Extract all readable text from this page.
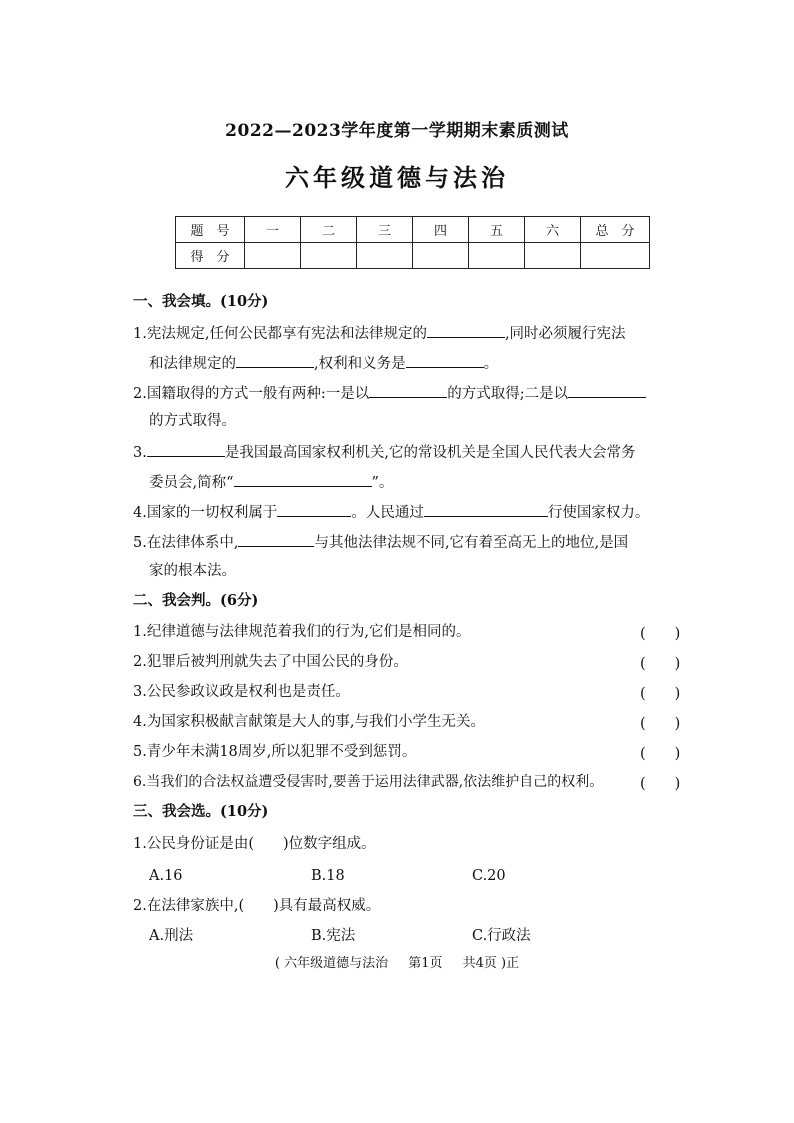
2022—2023学年度第一学期期末素质测试
六年级道德与法治
题　号	一	二	三	四	五	六	总　分
得　分							
一、我会填。(10分)
1.宪法规定,任何公民都享有宪法和法律规定的	,同时必须履行宪法
和法律规定的	,权利和义务是	。
2.国籍取得的方式一般有两种:一是以	的方式取得;二是以
的方式取得。
3.	是我国最高国家权利机关,它的常设机关是全国人民代表大会常务
委员会,简称“	”。
4.国家的一切权利属于	。人民通过	行使国家权力。
5.在法律体系中,	与其他法律法规不同,它有着至高无上的地位,是国
家的根本法。
二、我会判。(6分)
1.纪律道德与法律规范着我们的行为,它们是相同的。	(　　)
2.犯罪后被判刑就失去了中国公民的身份。	(　　)
3.公民参政议政是权利也是责任。	(　　)
4.为国家积极献言献策是大人的事,与我们小学生无关。	(　　)
5.青少年未满18周岁,所以犯罪不受到惩罚。	(　　)
6.当我们的合法权益遭受侵害时,要善于运用法律武器,依法维护自己的权利。	(　　)
三、我会选。(10分)
1.公民身份证是由(　　)位数字组成。
A.16	B.18	C.20
2.在法律家族中,(　　)具有最高权威。
A.刑法	B.宪法	C.行政法
( 六年级道德与法治 第1页 共4页 )正
